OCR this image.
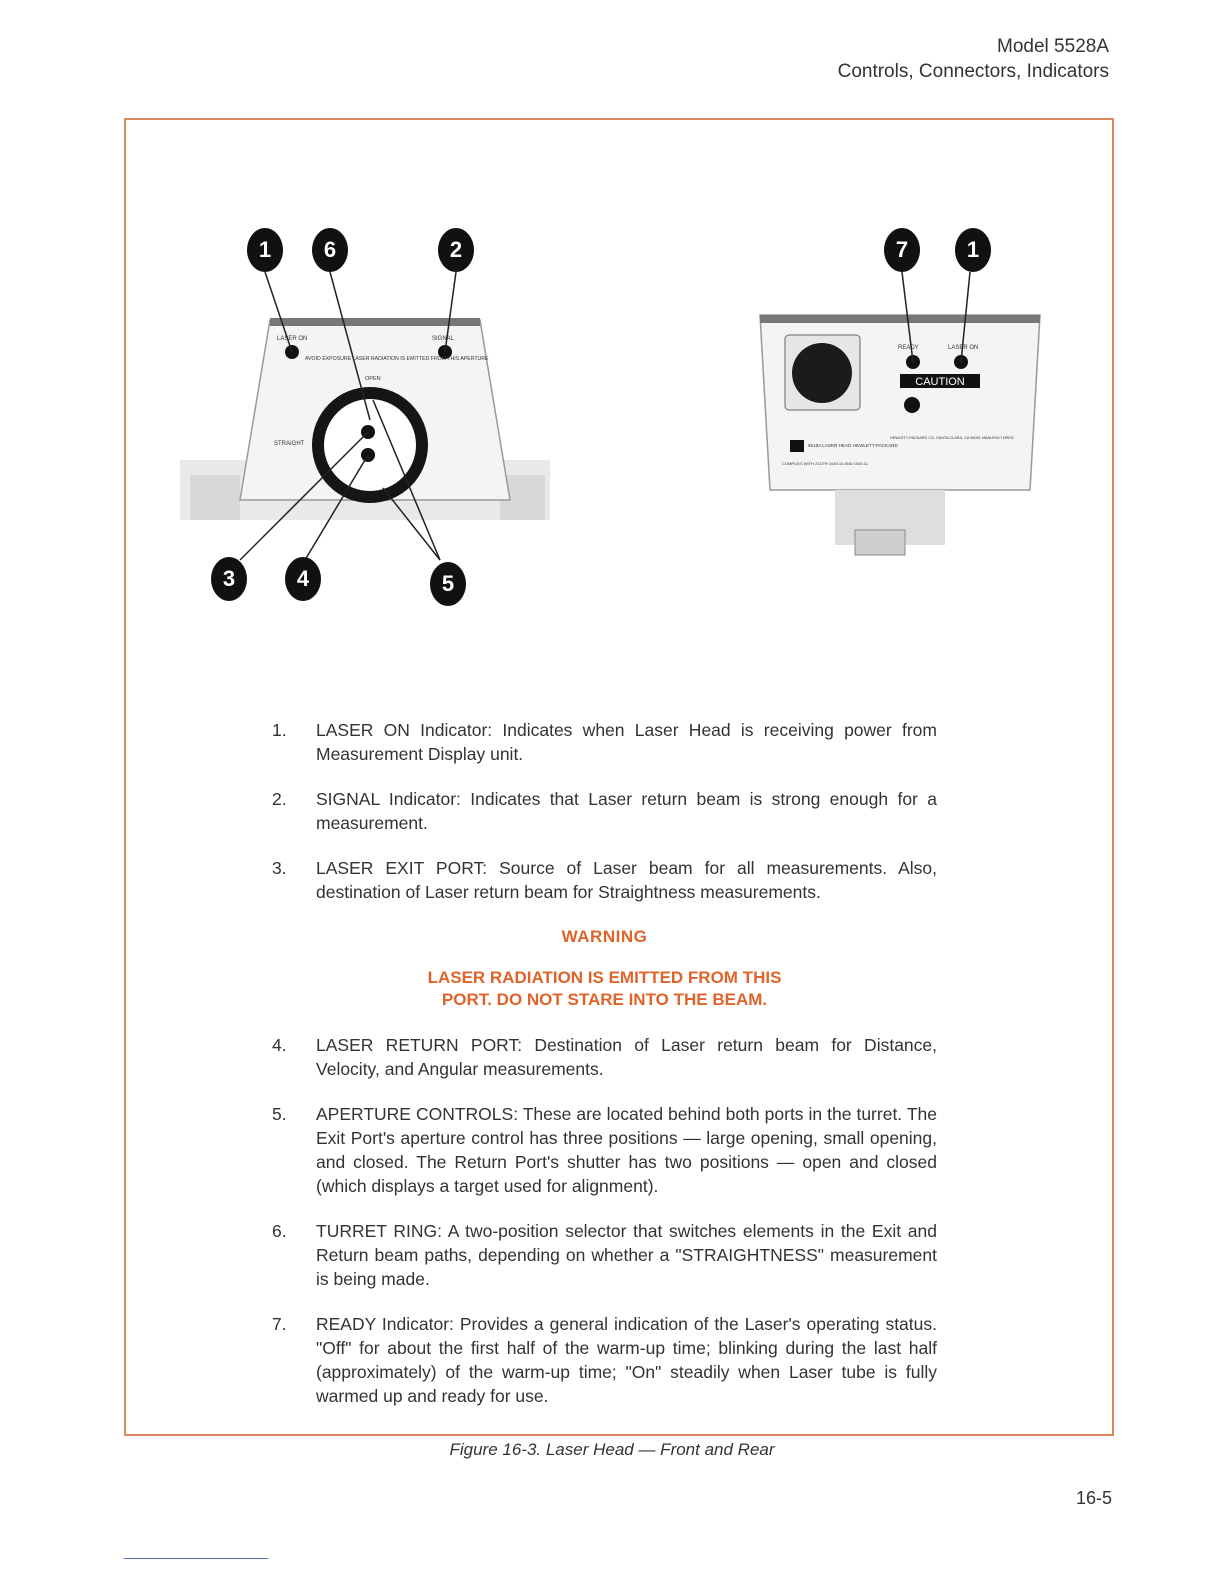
Model 5528A
Controls, Connectors, Indicators
LASER ON	SIGNAL
AVOID EXPOSURE LASER RADIATION IS EMITTED FROM THIS APERTURE
STRAIGHT
OPEN
READY	LASER ON
CAUTION
5518A LASER HEAD HEWLETT-PACKARD
COMPLIES WITH 21CFR 1040.10 AND 1040.11
HEWLETT-PACKARD CO. SANTA CLARA, CA 95051 MANUFACTURED
1	6	2
3	4	5
7	1
1.	LASER ON Indicator: Indicates when Laser Head is receiving power from Measurement Display unit.
2.	SIGNAL Indicator: Indicates that Laser return beam is strong enough for a measurement.
3.	LASER EXIT PORT: Source of Laser beam for all measurements. Also, destination of Laser return beam for Straightness measurements.
WARNING
LASER RADIATION IS EMITTED FROM THIS
PORT. DO NOT STARE INTO THE BEAM.
4.	LASER RETURN PORT: Destination of Laser return beam for Distance, Velocity, and Angular measurements.
5.	APERTURE CONTROLS: These are located behind both ports in the turret. The Exit Port's aperture control has three positions — large opening, small opening, and closed. The Return Port's shutter has two positions — open and closed (which displays a target used for alignment).
6.	TURRET RING: A two-position selector that switches elements in the Exit and Return beam paths, depending on whether a "STRAIGHTNESS" measurement is being made.
7.	READY Indicator: Provides a general indication of the Laser's operating status. "Off" for about the first half of the warm-up time; blinking during the last half (approximately) of the warm-up time; "On" steadily when Laser tube is fully warmed up and ready for use.
Figure 16-3. Laser Head — Front and Rear
16-5
